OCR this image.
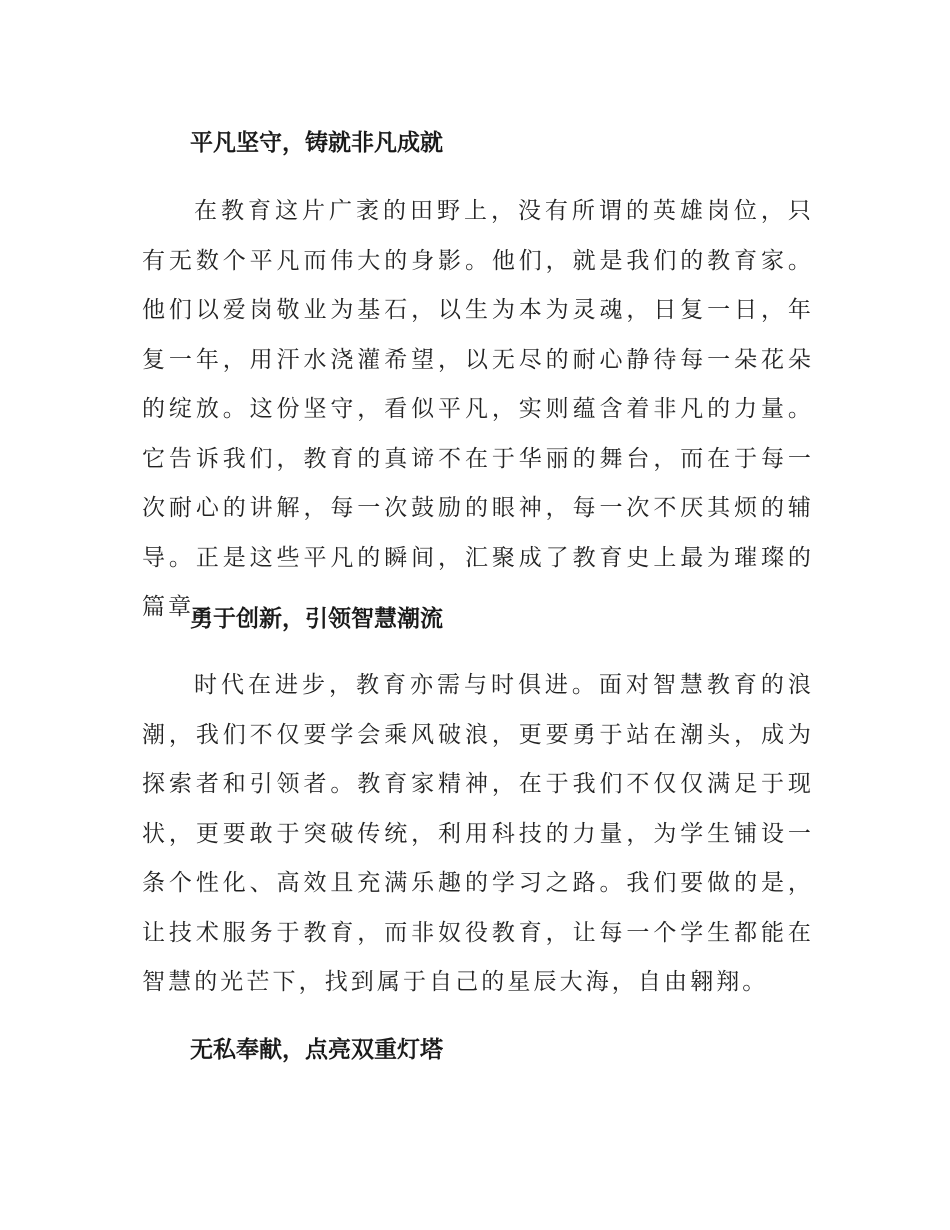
平凡坚守，铸就非凡成就

在教育这片广袤的田野上，没有所谓的英雄岗位，只有无数个平凡而伟大的身影。他们，就是我们的教育家。他们以爱岗敬业为基石，以生为本为灵魂，日复一日，年复一年，用汗水浇灌希望，以无尽的耐心静待每一朵花朵的绽放。这份坚守，看似平凡，实则蕴含着非凡的力量。它告诉我们，教育的真谛不在于华丽的舞台，而在于每一次耐心的讲解，每一次鼓励的眼神，每一次不厌其烦的辅导。正是这些平凡的瞬间，汇聚成了教育史上最为璀璨的篇章。

勇于创新，引领智慧潮流

时代在进步，教育亦需与时俱进。面对智慧教育的浪潮，我们不仅要学会乘风破浪，更要勇于站在潮头，成为探索者和引领者。教育家精神，在于我们不仅仅满足于现状，更要敢于突破传统，利用科技的力量，为学生铺设一条个性化、高效且充满乐趣的学习之路。我们要做的是，让技术服务于教育，而非奴役教育，让每一个学生都能在智慧的光芒下，找到属于自己的星辰大海，自由翱翔。

无私奉献，点亮双重灯塔
